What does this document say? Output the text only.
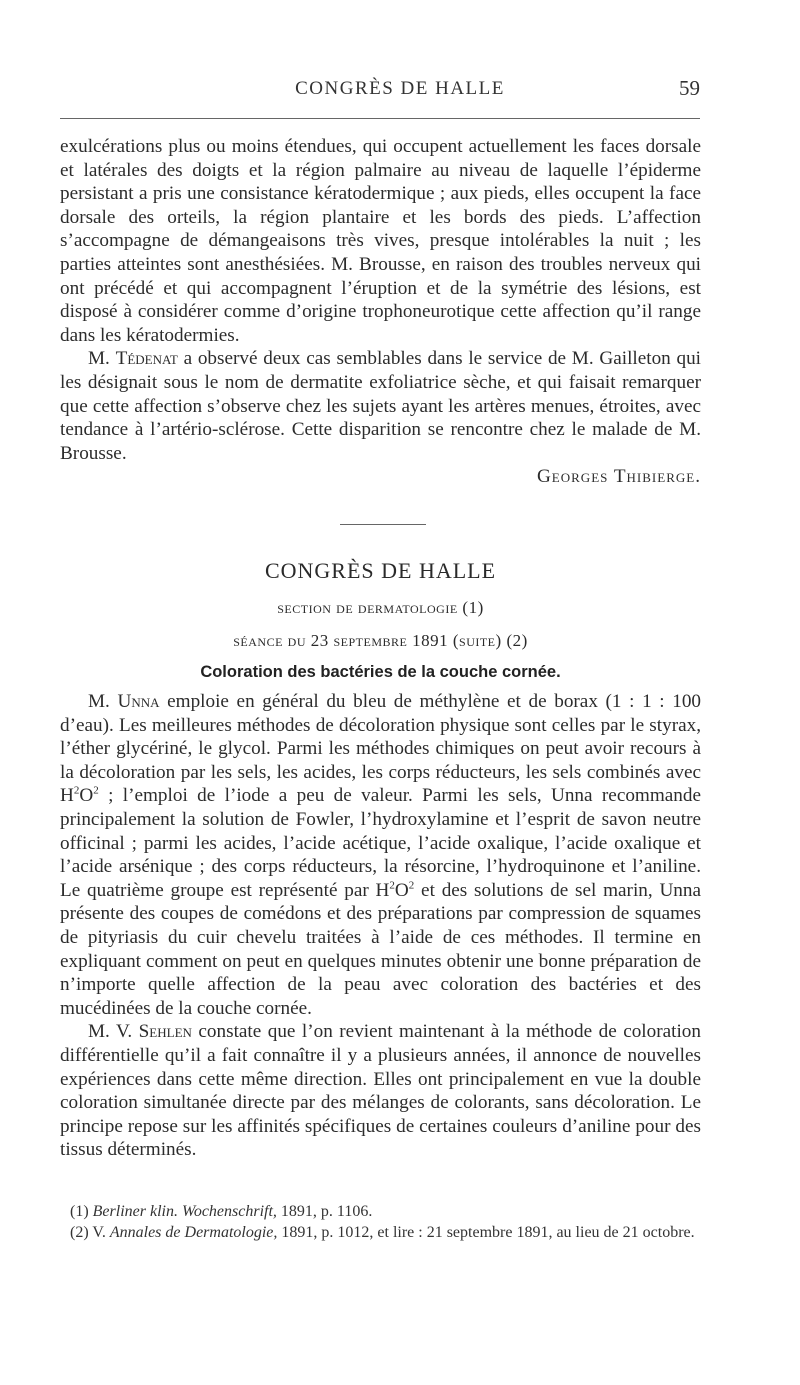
CONGRÈS DE HALLE	59

exulcérations plus ou moins étendues, qui occupent actuellement les faces dorsale et latérales des doigts et la région palmaire au niveau de laquelle l’épiderme persistant a pris une consistance kératodermique ; aux pieds, elles occupent la face dorsale des orteils, la région plantaire et les bords des pieds. L’affection s’accompagne de démangeaisons très vives, presque intolérables la nuit ; les parties atteintes sont anesthésiées. M. Brousse, en raison des troubles nerveux qui ont précédé et qui accompagnent l’éruption et de la symétrie des lésions, est disposé à considérer comme d’origine trophoneurotique cette affection qu’il range dans les kératodermies.

M. Tédenat a observé deux cas semblables dans le service de M. Gailleton qui les désignait sous le nom de dermatite exfoliatrice sèche, et qui faisait remarquer que cette affection s’observe chez les sujets ayant les artères menues, étroites, avec tendance à l’artério-sclérose. Cette disparition se rencontre chez le malade de M. Brousse.

Georges Thibierge.

CONGRÈS DE HALLE

section de dermatologie (1)

séance du 23 septembre 1891 (suite) (2)

Coloration des bactéries de la couche cornée.

M. Unna emploie en général du bleu de méthylène et de borax (1 : 1 : 100 d’eau). Les meilleures méthodes de décoloration physique sont celles par le styrax, l’éther glycériné, le glycol. Parmi les méthodes chimiques on peut avoir recours à la décoloration par les sels, les acides, les corps réducteurs, les sels combinés avec $H^2O^2$ ; l’emploi de l’iode a peu de valeur. Parmi les sels, Unna recommande principalement la solution de Fowler, l’hydroxylamine et l’esprit de savon neutre officinal ; parmi les acides, l’acide acétique, l’acide oxalique, l’acide oxalique et l’acide arsénique ; des corps réducteurs, la résorcine, l’hydroquinone et l’aniline. Le quatrième groupe est représenté par $H^2O^2$ et des solutions de sel marin, Unna présente des coupes de comédons et des préparations par compression de squames de pityriasis du cuir chevelu traitées à l’aide de ces méthodes. Il termine en expliquant comment on peut en quelques minutes obtenir une bonne préparation de n’importe quelle affection de la peau avec coloration des bactéries et des mucédinées de la couche cornée.

M. V. Sehlen constate que l’on revient maintenant à la méthode de coloration différentielle qu’il a fait connaître il y a plusieurs années, il annonce de nouvelles expériences dans cette même direction. Elles ont principalement en vue la double coloration simultanée directe par des mélanges de colorants, sans décoloration. Le principe repose sur les affinités spécifiques de certaines couleurs d’aniline pour des tissus déterminés.

(1) Berliner klin. Wochenschrift, 1891, p. 1106.

(2) V. Annales de Dermatologie, 1891, p. 1012, et lire : 21 septembre 1891, au lieu de 21 octobre.
